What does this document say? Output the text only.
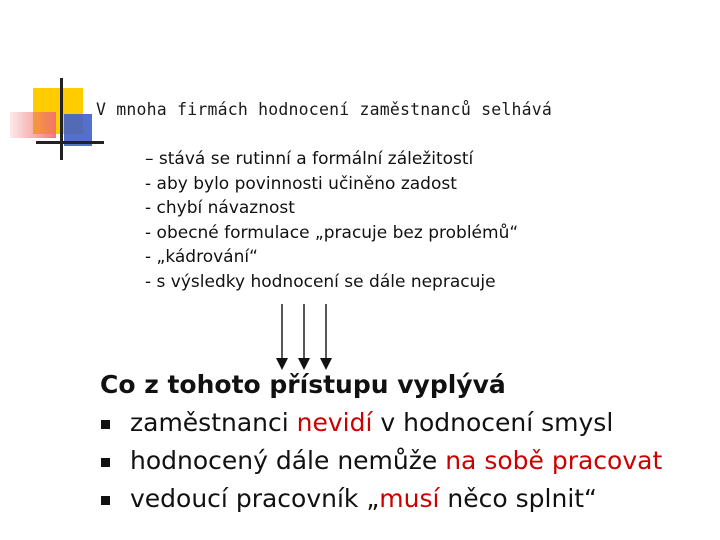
V mnoha firmách hodnocení zaměstnanců selhává
– stává se rutinní a formální záležitostí
- aby bylo povinnosti učiněno zadost
- chybí návaznost
- obecné formulace „pracuje bez problémů“
- „kádrování“
- s výsledky hodnocení se dále nepracuje
Co z tohoto přístupu vyplývá
zaměstnanci nevidí v hodnocení smysl
hodnocený dále nemůže na sobě pracovat
vedoucí pracovník „musí něco splnit“
